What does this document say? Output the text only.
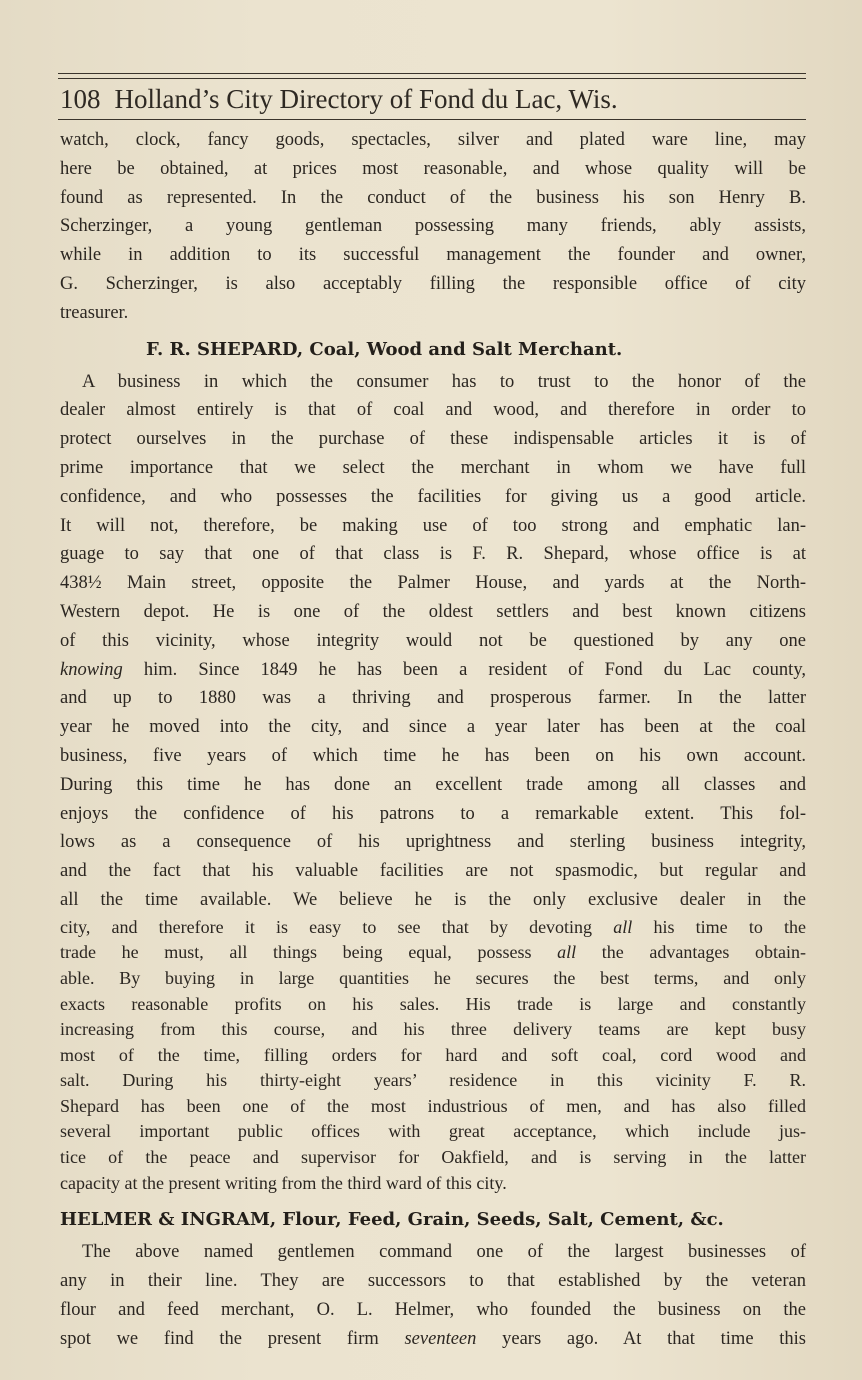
108 Holland’s City Directory of Fond du Lac, Wis.
watch, clock, fancy goods, spectacles, silver and plated ware line, may
here be obtained, at prices most reasonable, and whose quality will be
found as represented. In the conduct of the business his son Henry B.
Scherzinger, a young gentleman possessing many friends, ably assists,
while in addition to its successful management the founder and owner,
G. Scherzinger, is also acceptably filling the responsible office of city
treasurer.
F. R. SHEPARD, Coal, Wood and Salt Merchant.
A business in which the consumer has to trust to the honor of the
dealer almost entirely is that of coal and wood, and therefore in order to
protect ourselves in the purchase of these indispensable articles it is of
prime importance that we select the merchant in whom we have full
confidence, and who possesses the facilities for giving us a good article.
It will not, therefore, be making use of too strong and emphatic lan-
guage to say that one of that class is F. R. Shepard, whose office is at
438½ Main street, opposite the Palmer House, and yards at the North-
Western depot. He is one of the oldest settlers and best known citizens
of this vicinity, whose integrity would not be questioned by any one
knowing him. Since 1849 he has been a resident of Fond du Lac county,
and up to 1880 was a thriving and prosperous farmer. In the latter
year he moved into the city, and since a year later has been at the coal
business, five years of which time he has been on his own account.
During this time he has done an excellent trade among all classes and
enjoys the confidence of his patrons to a remarkable extent. This fol-
lows as a consequence of his uprightness and sterling business integrity,
and the fact that his valuable facilities are not spasmodic, but regular and
all the time available. We believe he is the only exclusive dealer in the
city, and therefore it is easy to see that by devoting all his time to the
trade he must, all things being equal, possess all the advantages obtain-
able. By buying in large quantities he secures the best terms, and only
exacts reasonable profits on his sales. His trade is large and constantly
increasing from this course, and his three delivery teams are kept busy
most of the time, filling orders for hard and soft coal, cord wood and
salt. During his thirty-eight years’ residence in this vicinity F. R.
Shepard has been one of the most industrious of men, and has also filled
several important public offices with great acceptance, which include jus-
tice of the peace and supervisor for Oakfield, and is serving in the latter
capacity at the present writing from the third ward of this city.
HELMER & INGRAM, Flour, Feed, Grain, Seeds, Salt, Cement, &c.
The above named gentlemen command one of the largest businesses of
any in their line. They are successors to that established by the veteran
flour and feed merchant, O. L. Helmer, who founded the business on the
spot we find the present firm seventeen years ago. At that time this
